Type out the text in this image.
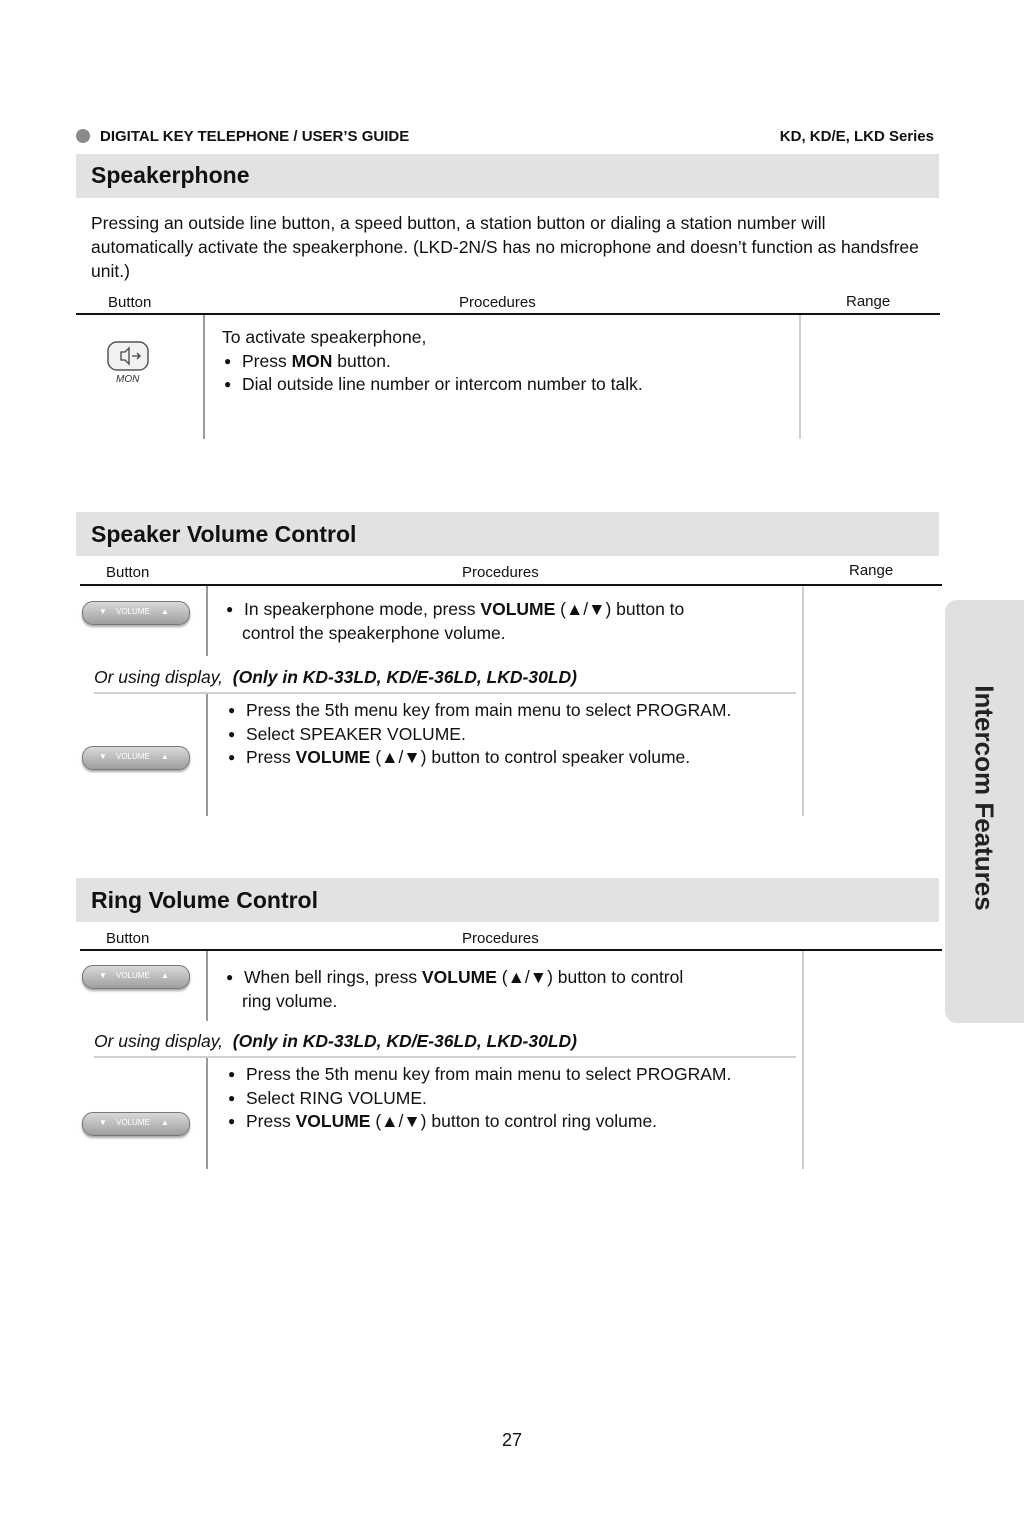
DIGITAL KEY TELEPHONE / USER’S GUIDE	KD, KD/E, LKD Series
Speakerphone
Pressing an outside line button, a speed button, a station button or dialing a station number will automatically activate the speakerphone. (LKD-2N/S has no microphone and doesn’t function as handsfree unit.)
Button	Procedures	Range
MON
To activate speakerphone,
● Press MON button.
● Dial outside line number or intercom number to talk.
Speaker Volume Control
Button	Procedures	Range
▼ VOLUME ▲	● In speakerphone mode, press VOLUME (▲/▼) button to
control the speakerphone volume.
Or using display, (Only in KD-33LD, KD/E-36LD, LKD-30LD)
▼ VOLUME ▲
● Press the 5th menu key from main menu to select PROGRAM.
● Select SPEAKER VOLUME.
● Press VOLUME (▲/▼) button to control speaker volume.
Ring Volume Control
Button	Procedures
▼ VOLUME ▲	● When bell rings, press VOLUME (▲/▼) button to control
ring volume.
Or using display, (Only in KD-33LD, KD/E-36LD, LKD-30LD)
▼ VOLUME ▲
● Press the 5th menu key from main menu to select PROGRAM.
● Select RING VOLUME.
● Press VOLUME (▲/▼) button to control ring volume.
Intercom Features
27
